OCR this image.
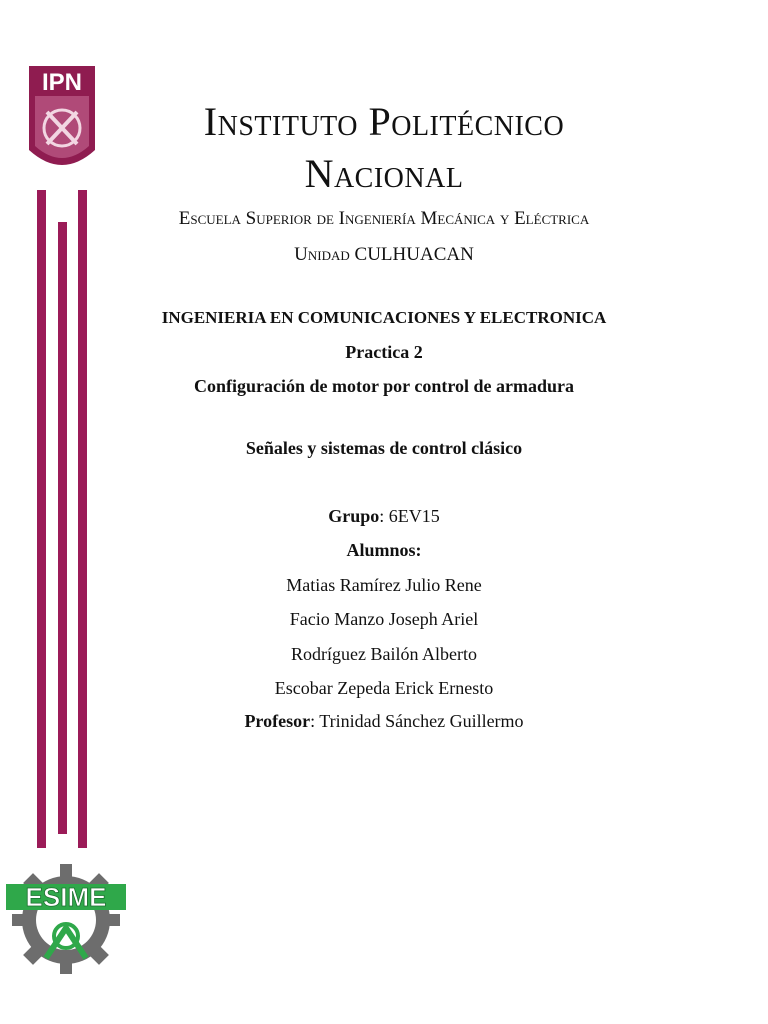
IPN
ESIME
Instituto Politécnico
Nacional
Escuela Superior de Ingeniería Mecánica y Eléctrica
Unidad CULHUACAN
INGENIERIA EN COMUNICACIONES Y ELECTRONICA
Practica 2
Configuración de motor por control de armadura
Señales y sistemas de control clásico
Grupo: 6EV15
Alumnos:
Matias Ramírez Julio Rene
Facio Manzo Joseph Ariel
Rodríguez Bailón Alberto
Escobar Zepeda Erick Ernesto
Profesor: Trinidad Sánchez Guillermo
